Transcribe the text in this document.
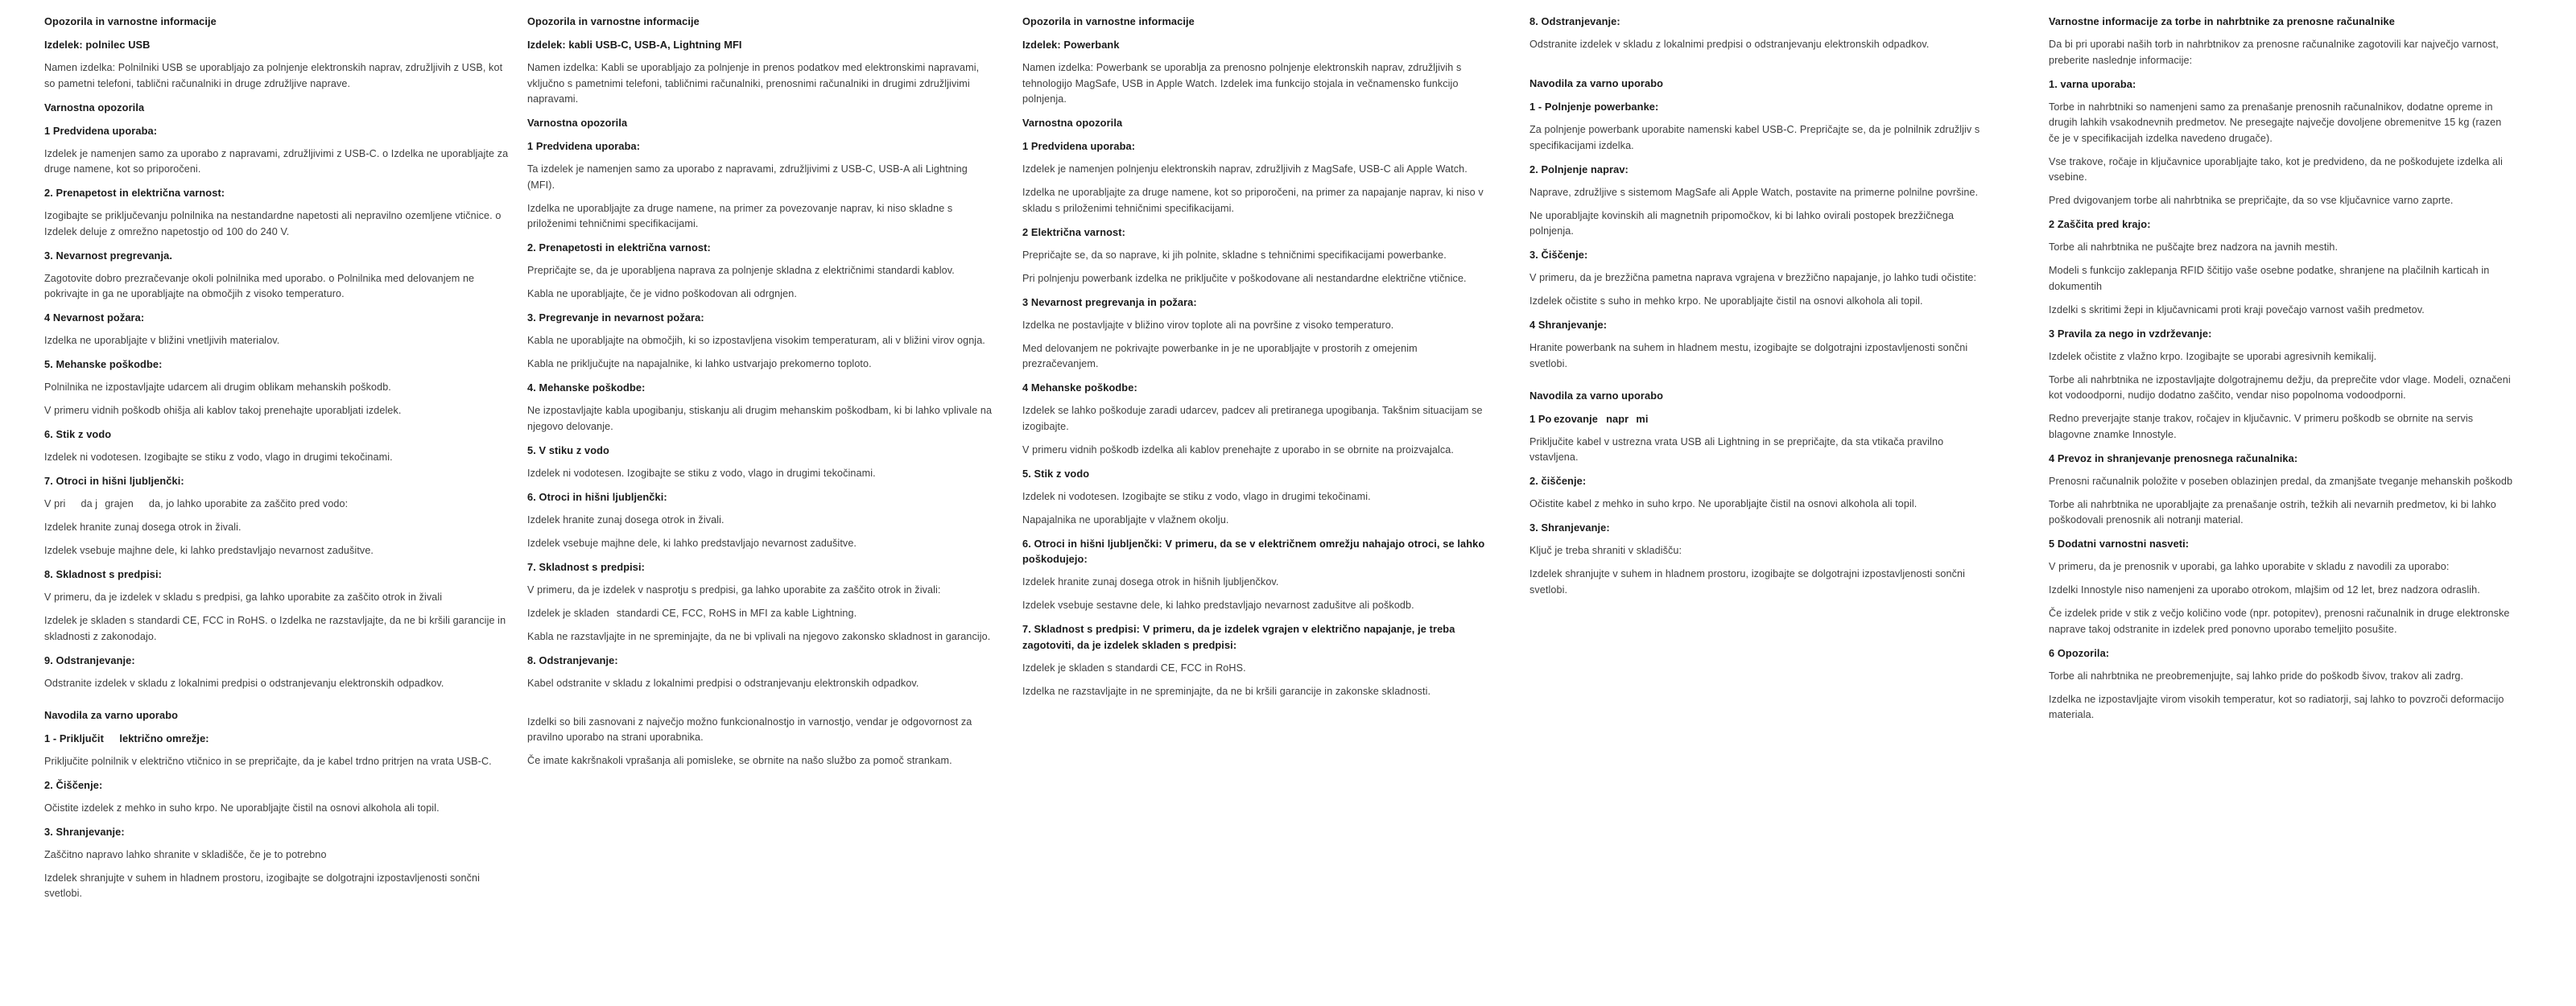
Opozorila in varnostne informacije
Izdelek: polnilec USB

Namen izdelka: Polnilniki USB se uporabljajo za polnjenje elektronskih naprav, združljivih z USB, kot so pametni telefoni, tablični računalniki in druge združljive naprave.

Varnostna opozorila
1 Predvidena uporaba:

Izdelek je namenjen samo za uporabo z napravami, združljivimi z USB-C. o Izdelka ne uporabljajte za druge namene, kot so priporočeni.

2. Prenapetost in električna varnost:

Izogibajte se priključevanju polnilnika na nestandardne napetosti ali nepravilno ozemljene vtičnice. o Izdelek deluje z omrežno napetostjo od 100 do 240 V.

3. Nevarnost pregrevanja.

Zagotovite dobro prezračevanje okoli polnilnika med uporabo. o Polnilnika med delovanjem ne pokrivajte in ga ne uporabljajte na območjih z visoko temperaturo.

4 Nevarnost požara:

Izdelka ne uporabljajte v bližini vnetljivih materialov.

5. Mehanske poškodbe:

Polnilnika ne izpostavljajte udarcem ali drugim oblikam mehanskih poškodb.

V primeru vidnih poškodb ohišja ali kablov takoj prenehajte uporabljati izdelek.

6. Stik z vodo

Izdelek ni vodotesen. Izogibajte se stiku z vodo, vlago in drugimi tekočinami.

7. Otroci in hišni ljubljenčki:

V pri  da j  grajen  da, jo lahko uporabite za zaščito pred vodo:

Izdelek hranite zunaj dosega otrok in živali.

Izdelek vsebuje majhne dele, ki lahko predstavljajo nevarnost zadušitve.

8. Skladnost s predpisi:

V primeru, da je izdelek v skladu s predpisi, ga lahko uporabite za zaščito otrok in živali

Izdelek je skladen s standardi CE, FCC in RoHS. o Izdelka ne razstavljajte, da ne bi kršili garancije in skladnosti z zakonodajo.

9. Odstranjevanje:

Odstranite izdelek v skladu z lokalnimi predpisi o odstranjevanju elektronskih odpadkov.

Navodila za varno uporabo
1 - Priključit  lektrično omrežje:

Priključite polnilnik v električno vtičnico in se prepričajte, da je kabel trdno pritrjen na vrata USB-C.

2. Čiščenje:

Očistite izdelek z mehko in suho krpo. Ne uporabljajte čistil na osnovi alkohola ali topil.

3. Shranjevanje:

Zaščitno napravo lahko shranite v skladišče, če je to potrebno

Izdelek shranjujte v suhem in hladnem prostoru, izogibajte se dolgotrajni izpostavljenosti sončni svetlobi.

Opozorila in varnostne informacije
Izdelek: kabli USB-C, USB-A, Lightning MFI

Namen izdelka: Kabli se uporabljajo za polnjenje in prenos podatkov med elektronskimi napravami, vključno s pametnimi telefoni, tabličnimi računalniki, prenosnimi računalniki in drugimi združljivimi napravami.

Varnostna opozorila
1 Predvidena uporaba:

Ta izdelek je namenjen samo za uporabo z napravami, združljivimi z USB-C, USB-A ali Lightning (MFI).

Izdelka ne uporabljajte za druge namene, na primer za povezovanje naprav, ki niso skladne s priloženimi tehničnimi specifikacijami.

2. Prenapetosti in električna varnost:

Prepričajte se, da je uporabljena naprava za polnjenje skladna z električnimi standardi kablov.

Kabla ne uporabljajte, če je vidno poškodovan ali odrgnjen.

3. Pregrevanje in nevarnost požara:

Kabla ne uporabljajte na območjih, ki so izpostavljena visokim temperaturam, ali v bližini virov ognja.

Kabla ne priključujte na napajalnike, ki lahko ustvarjajo prekomerno toploto.

4. Mehanske poškodbe:

Ne izpostavljajte kabla upogibanju, stiskanju ali drugim mehanskim poškodbam, ki bi lahko vplivale na njegovo delovanje.

5. V stiku z vodo

Izdelek ni vodotesen. Izogibajte se stiku z vodo, vlago in drugimi tekočinami.

6. Otroci in hišni ljubljenčki:

Izdelek hranite zunaj dosega otrok in živali.

Izdelek vsebuje majhne dele, ki lahko predstavljajo nevarnost zadušitve.

7. Skladnost s predpisi:

V primeru, da je izdelek v nasprotju s predpisi, ga lahko uporabite za zaščito otrok in živali:

Izdelek je skladen  standardi CE, FCC, RoHS in MFI za kable Lightning.

Kabla ne razstavljajte in ne spreminjajte, da ne bi vplivali na njegovo zakonsko skladnost in garancijo.

8. Odstranjevanje:

Kabel odstranite v skladu z lokalnimi predpisi o odstranjevanju elektronskih odpadkov.

Izdelki so bili zasnovani z največjo možno funkcionalnostjo in varnostjo, vendar je odgovornost za pravilno uporabo na strani uporabnika.

Če imate kakršnakoli vprašanja ali pomisleke, se obrnite na našo službo za pomoč strankam.

Opozorila in varnostne informacije
Izdelek: Powerbank

Namen izdelka: Powerbank se uporablja za prenosno polnjenje elektronskih naprav, združljivih s tehnologijo MagSafe, USB in Apple Watch. Izdelek ima funkcijo stojala in večnamensko funkcijo polnjenja.

Varnostna opozorila
1 Predvidena uporaba:

Izdelek je namenjen polnjenju elektronskih naprav, združljivih z MagSafe, USB-C ali Apple Watch.

Izdelka ne uporabljajte za druge namene, kot so priporočeni, na primer za napajanje naprav, ki niso v skladu s priloženimi tehničnimi specifikacijami.

2 Električna varnost:

Prepričajte se, da so naprave, ki jih polnite, skladne s tehničnimi specifikacijami powerbanke.

Pri polnjenju powerbank izdelka ne priključite v poškodovane ali nestandardne električne vtičnice.

3 Nevarnost pregrevanja in požara:

Izdelka ne postavljajte v bližino virov toplote ali na površine z visoko temperaturo.

Med delovanjem ne pokrivajte powerbanke in je ne uporabljajte v prostorih z omejenim prezračevanjem.

4 Mehanske poškodbe:

Izdelek se lahko poškoduje zaradi udarcev, padcev ali pretiranega upogibanja. Takšnim situacijam se izogibajte.

V primeru vidnih poškodb izdelka ali kablov prenehajte z uporabo in se obrnite na proizvajalca.

5. Stik z vodo

Izdelek ni vodotesen. Izogibajte se stiku z vodo, vlago in drugimi tekočinami.

Napajalnika ne uporabljajte v vlažnem okolju.

6. Otroci in hišni ljubljenčki: V primeru, da se v električnem omrežju nahajajo otroci, se lahko poškodujejo:

Izdelek hranite zunaj dosega otrok in hišnih ljubljenčkov.

Izdelek vsebuje sestavne dele, ki lahko predstavljajo nevarnost zadušitve ali poškodb.

7. Skladnost s predpisi: V primeru, da je izdelek vgrajen v električno napajanje, je treba zagotoviti, da je izdelek skladen s predpisi:

Izdelek je skladen s standardi CE, FCC in RoHS.

Izdelka ne razstavljajte in ne spreminjajte, da ne bi kršili garancije in zakonske skladnosti.

8. Odstranjevanje:

Odstranite izdelek v skladu z lokalnimi predpisi o odstranjevanju elektronskih odpadkov.

Navodila za varno uporabo
1 - Polnjenje powerbanke:

Za polnjenje powerbank uporabite namenski kabel USB-C. Prepričajte se, da je polnilnik združljiv s specifikacijami izdelka.

2. Polnjenje naprav:

Naprave, združljive s sistemom MagSafe ali Apple Watch, postavite na primerne polnilne površine.

Ne uporabljajte kovinskih ali magnetnih pripomočkov, ki bi lahko ovirali postopek brezžičnega polnjenja.

3. Čiščenje:

V primeru, da je brezžična pametna naprava vgrajena v brezžično napajanje, jo lahko tudi očistite:

Izdelek očistite s suho in mehko krpo. Ne uporabljajte čistil na osnovi alkohola ali topil.

4 Shranjevanje:

Hranite powerbank na suhem in hladnem mestu, izogibajte se dolgotrajni izpostavljenosti sončni svetlobi.

Navodila za varno uporabo
1 Po ezovanje  napr  mi 

Priključite kabel v ustrezna vrata USB ali Lightning in se prepričajte, da sta vtikača pravilno vstavljena.

2. čiščenje:

Očistite kabel z mehko in suho krpo. Ne uporabljajte čistil na osnovi alkohola ali topil.

3. Shranjevanje:

Ključ je treba shraniti v skladišču:

Izdelek shranjujte v suhem in hladnem prostoru, izogibajte se dolgotrajni izpostavljenosti sončni svetlobi.

Varnostne informacije za torbe in nahrbtnike za prenosne računalnike

Da bi pri uporabi naših torb in nahrbtnikov za prenosne računalnike zagotovili kar največjo varnost, preberite naslednje informacije:

1. varna uporaba:

Torbe in nahrbtniki so namenjeni samo za prenašanje prenosnih računalnikov, dodatne opreme in drugih lahkih vsakodnevnih predmetov. Ne presegajte največje dovoljene obremenitve 15 kg (razen če je v specifikacijah izdelka navedeno drugače).

Vse trakove, ročaje in ključavnice uporabljajte tako, kot je predvideno, da ne poškodujete izdelka ali vsebine.

Pred dvigovanjem torbe ali nahrbtnika se prepričajte, da so vse ključavnice varno zaprte.

2 Zaščita pred krajo:

Torbe ali nahrbtnika ne puščajte brez nadzora na javnih mestih.

Modeli s funkcijo zaklepanja RFID ščitijo vaše osebne podatke, shranjene na plačilnih karticah in dokumentih

Izdelki s skritimi žepi in ključavnicami proti kraji povečajo varnost vaših predmetov.

3 Pravila za nego in vzdrževanje:

Izdelek očistite z vlažno krpo. Izogibajte se uporabi agresivnih kemikalij.

Torbe ali nahrbtnika ne izpostavljajte dolgotrajnemu dežju, da preprečite vdor vlage. Modeli, označeni kot vodoodporni, nudijo dodatno zaščito, vendar niso popolnoma vodoodporni.

Redno preverjajte stanje trakov, ročajev in ključavnic. V primeru poškodb se obrnite na servis blagovne znamke Innostyle.

4 Prevoz in shranjevanje prenosnega računalnika:

Prenosni računalnik položite v poseben oblazinjen predal, da zmanjšate tveganje mehanskih poškodb

Torbe ali nahrbtnika ne uporabljajte za prenašanje ostrih, težkih ali nevarnih predmetov, ki bi lahko poškodovali prenosnik ali notranji material.

5 Dodatni varnostni nasveti:

V primeru, da je prenosnik v uporabi, ga lahko uporabite v skladu z navodili za uporabo:

Izdelki Innostyle niso namenjeni za uporabo otrokom, mlajšim od 12 let, brez nadzora odraslih.

Če izdelek pride v stik z večjo količino vode (npr. potopitev), prenosni računalnik in druge elektronske naprave takoj odstranite in izdelek pred ponovno uporabo temeljito posušite.

6 Opozorila:

Torbe ali nahrbtnika ne preobremenjujte, saj lahko pride do poškodb šivov, trakov ali zadrg.

Izdelka ne izpostavljajte virom visokih temperatur, kot so radiatorji, saj lahko to povzroči deformacijo materiala.
